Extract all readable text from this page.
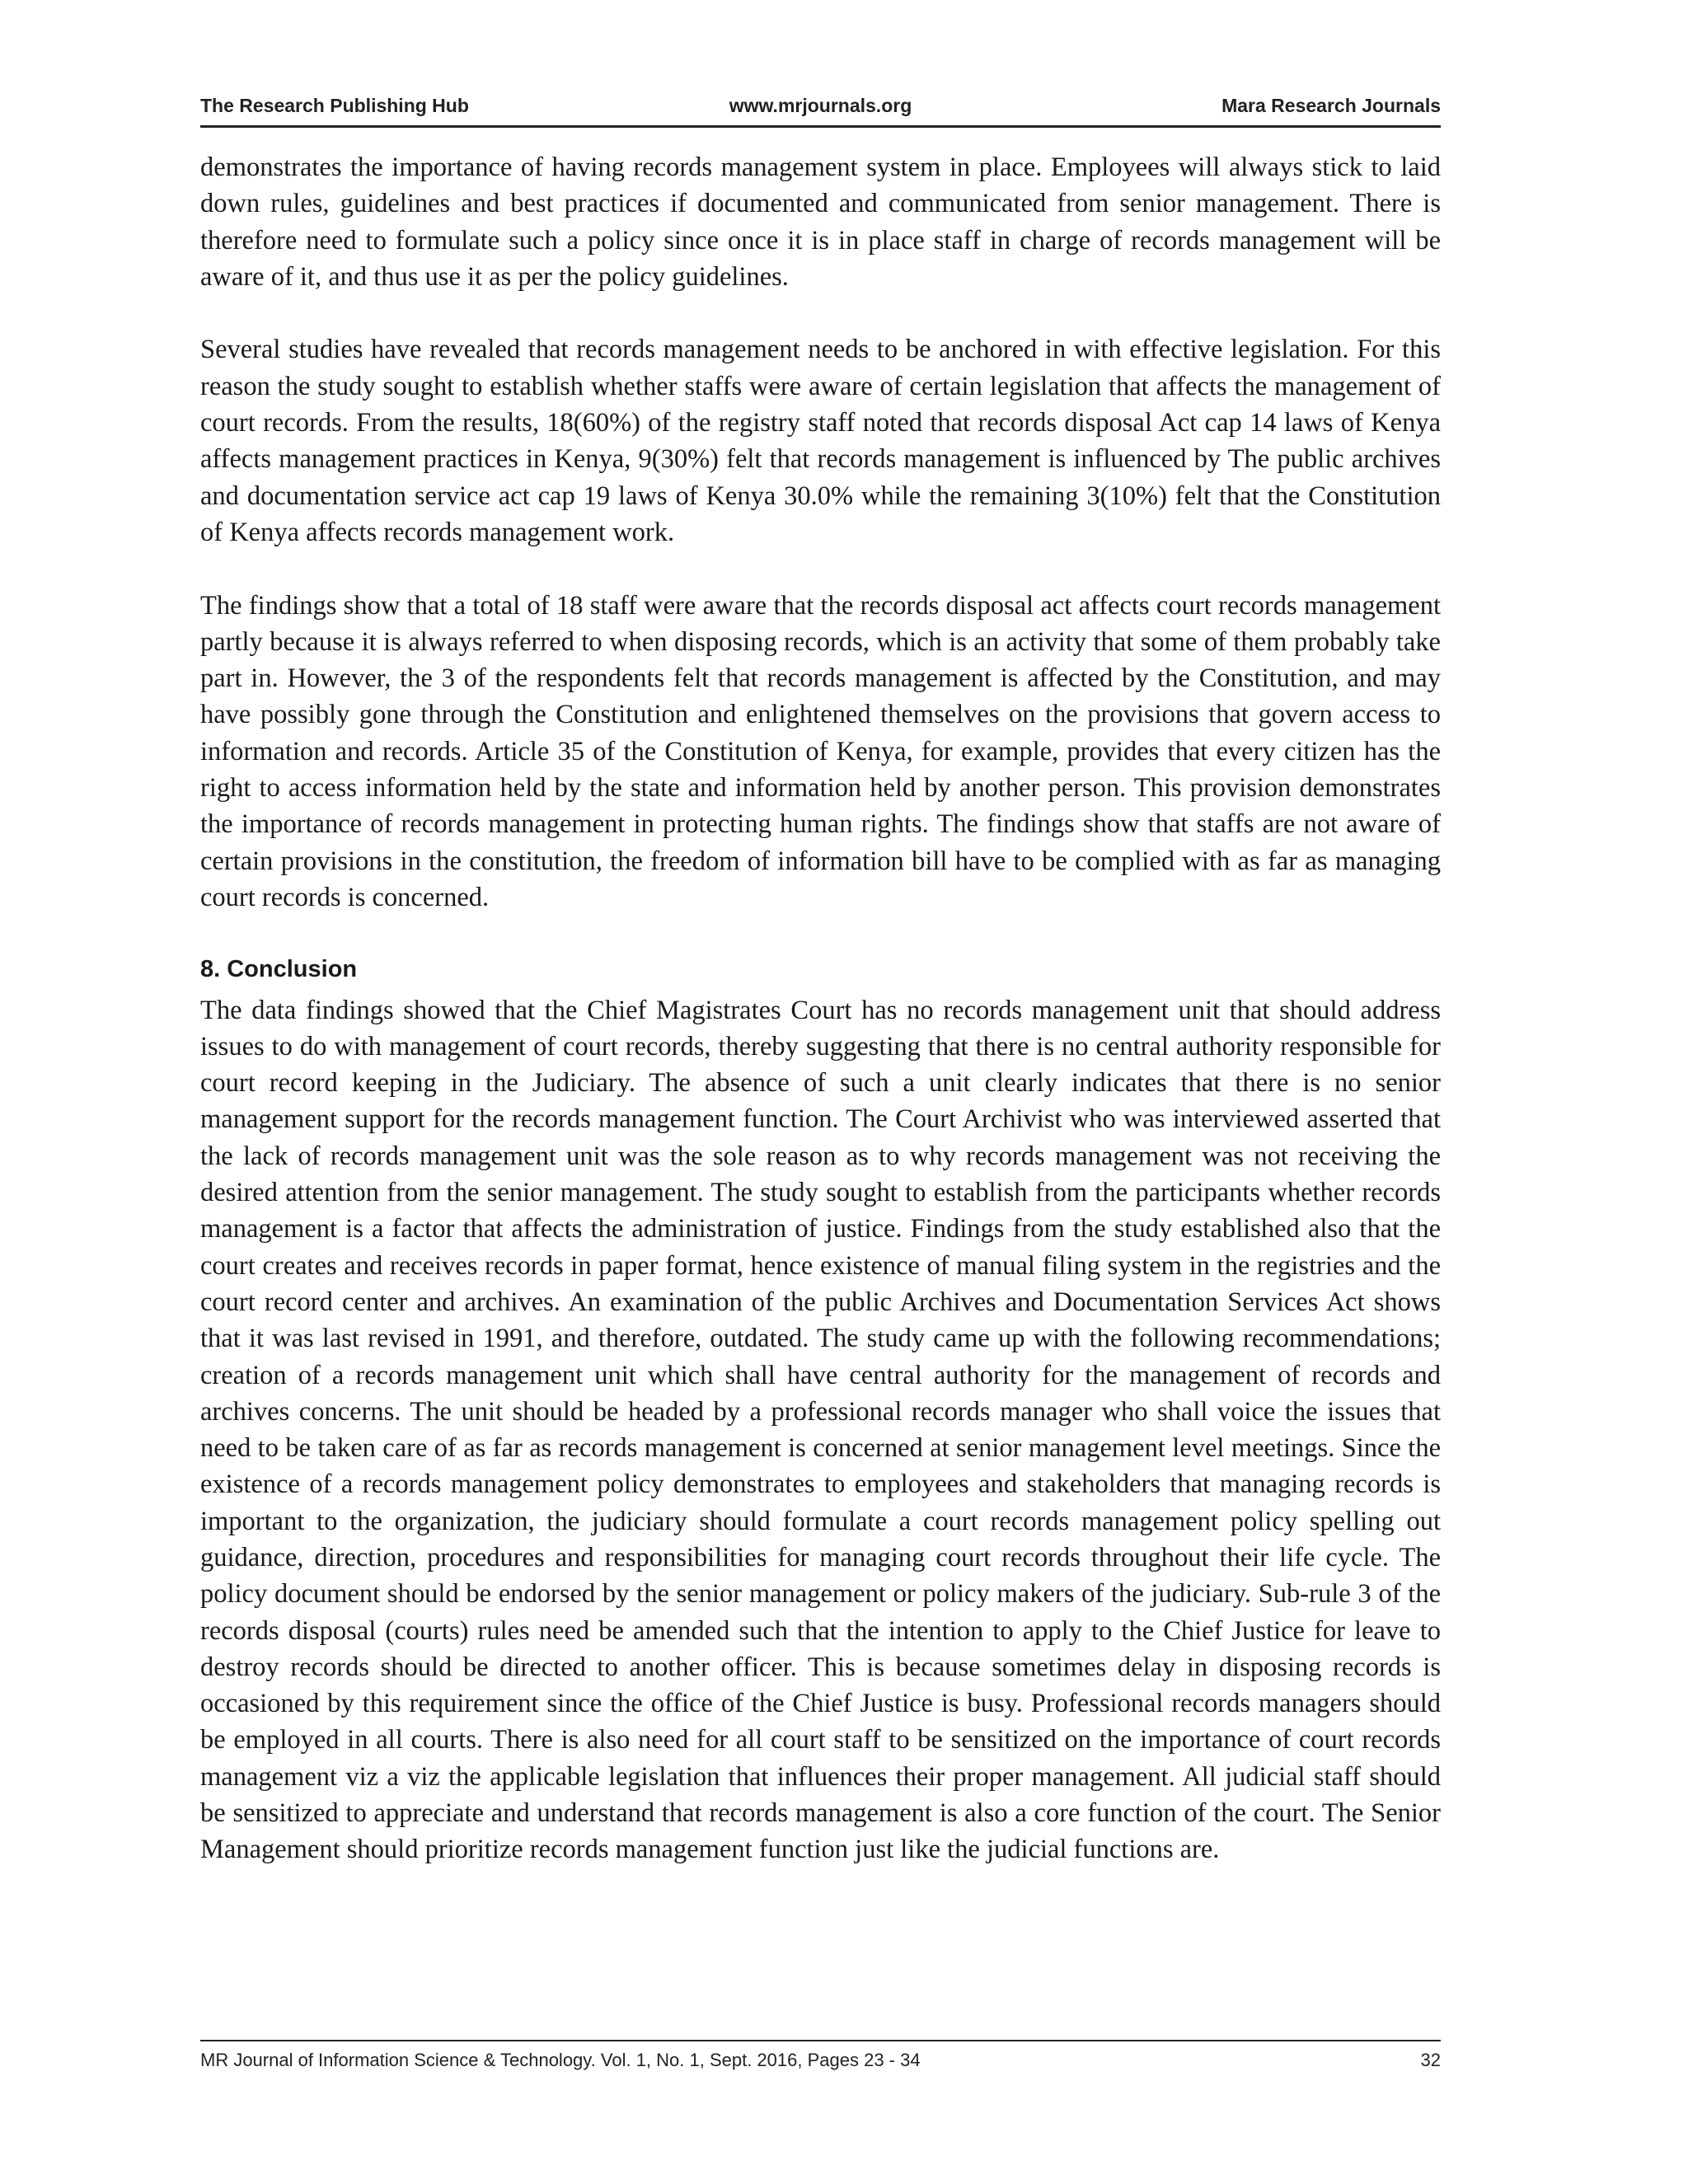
The Research Publishing Hub	www.mrjournals.org	Mara Research Journals

demonstrates the importance of having records management system in place. Employees will always stick to laid down rules, guidelines and best practices if documented and communicated from senior management. There is therefore need to formulate such a policy since once it is in place staff in charge of records management will be aware of it, and thus use it as per the policy guidelines.

Several studies have revealed that records management needs to be anchored in with effective legislation. For this reason the study sought to establish whether staffs were aware of certain legislation that affects the management of court records. From the results, 18(60%) of the registry staff noted that records disposal Act cap 14 laws of Kenya affects management practices in Kenya, 9(30%) felt that records management is influenced by The public archives and documentation service act cap 19 laws of Kenya 30.0% while the remaining 3(10%) felt that the Constitution of Kenya affects records management work.

The findings show that a total of 18 staff were aware that the records disposal act affects court records management partly because it is always referred to when disposing records, which is an activity that some of them probably take part in. However, the 3 of the respondents felt that records management is affected by the Constitution, and may have possibly gone through the Constitution and enlightened themselves on the provisions that govern access to information and records. Article 35 of the Constitution of Kenya, for example, provides that every citizen has the right to access information held by the state and information held by another person. This provision demonstrates the importance of records management in protecting human rights. The findings show that staffs are not aware of certain provisions in the constitution, the freedom of information bill have to be complied with as far as managing court records is concerned.

8. Conclusion

The data findings showed that the Chief Magistrates Court has no records management unit that should address issues to do with management of court records, thereby suggesting that there is no central authority responsible for court record keeping in the Judiciary. The absence of such a unit clearly indicates that there is no senior management support for the records management function. The Court Archivist who was interviewed asserted that the lack of records management unit was the sole reason as to why records management was not receiving the desired attention from the senior management. The study sought to establish from the participants whether records management is a factor that affects the administration of justice. Findings from the study established also that the court creates and receives records in paper format, hence existence of manual filing system in the registries and the court record center and archives. An examination of the public Archives and Documentation Services Act shows that it was last revised in 1991, and therefore, outdated. The study came up with the following recommendations; creation of a records management unit which shall have central authority for the management of records and archives concerns. The unit should be headed by a professional records manager who shall voice the issues that need to be taken care of as far as records management is concerned at senior management level meetings. Since the existence of a records management policy demonstrates to employees and stakeholders that managing records is important to the organization, the judiciary should formulate a court records management policy spelling out guidance, direction, procedures and responsibilities for managing court records throughout their life cycle. The policy document should be endorsed by the senior management or policy makers of the judiciary. Sub-rule 3 of the records disposal (courts) rules need be amended such that the intention to apply to the Chief Justice for leave to destroy records should be directed to another officer. This is because sometimes delay in disposing records is occasioned by this requirement since the office of the Chief Justice is busy. Professional records managers should be employed in all courts. There is also need for all court staff to be sensitized on the importance of court records management viz a viz the applicable legislation that influences their proper management. All judicial staff should be sensitized to appreciate and understand that records management is also a core function of the court. The Senior Management should prioritize records management function just like the judicial functions are.

MR Journal of Information Science & Technology. Vol. 1, No. 1, Sept. 2016, Pages 23 - 34	32
